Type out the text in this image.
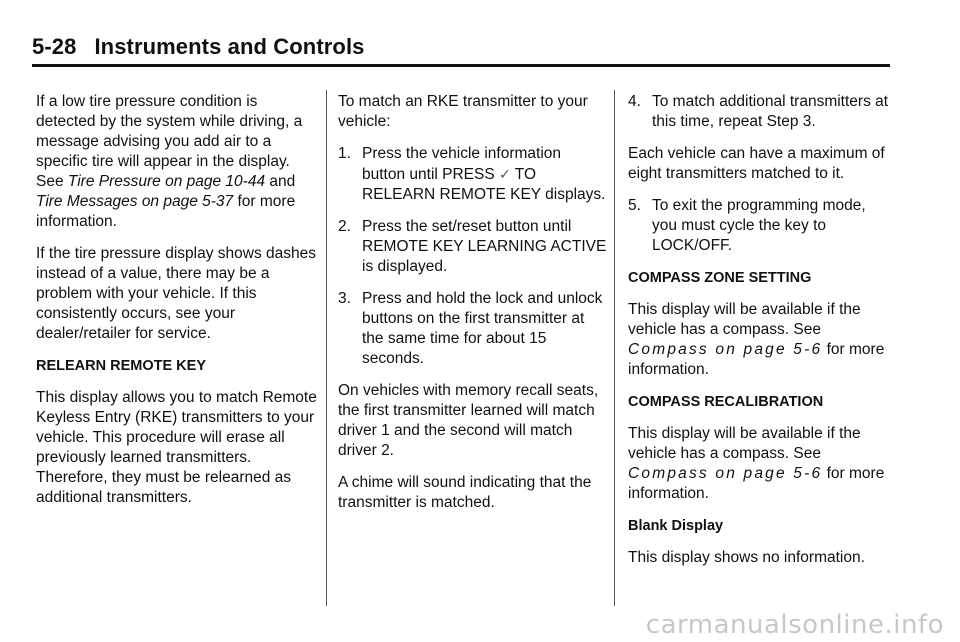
5-28 Instruments and Controls

If a low tire pressure condition is detected by the system while driving, a message advising you add air to a specific tire will appear in the display. See Tire Pressure on page 10-44 and Tire Messages on page 5-37 for more information.

If the tire pressure display shows dashes instead of a value, there may be a problem with your vehicle. If this consistently occurs, see your dealer/retailer for service.

RELEARN REMOTE KEY

This display allows you to match Remote Keyless Entry (RKE) transmitters to your vehicle. This procedure will erase all previously learned transmitters. Therefore, they must be relearned as additional transmitters.

To match an RKE transmitter to your vehicle:

1. Press the vehicle information button until PRESS ✓ TO RELEARN REMOTE KEY displays.
2. Press the set/reset button until REMOTE KEY LEARNING ACTIVE is displayed.
3. Press and hold the lock and unlock buttons on the first transmitter at the same time for about 15 seconds.

On vehicles with memory recall seats, the first transmitter learned will match driver 1 and the second will match driver 2.

A chime will sound indicating that the transmitter is matched.

4. To match additional transmitters at this time, repeat Step 3.

Each vehicle can have a maximum of eight transmitters matched to it.

5. To exit the programming mode, you must cycle the key to LOCK/OFF.

COMPASS ZONE SETTING

This display will be available if the vehicle has a compass. See Compass on page 5-6 for more information.

COMPASS RECALIBRATION

This display will be available if the vehicle has a compass. See Compass on page 5-6 for more information.

Blank Display

This display shows no information.

carmanualsonline.info
